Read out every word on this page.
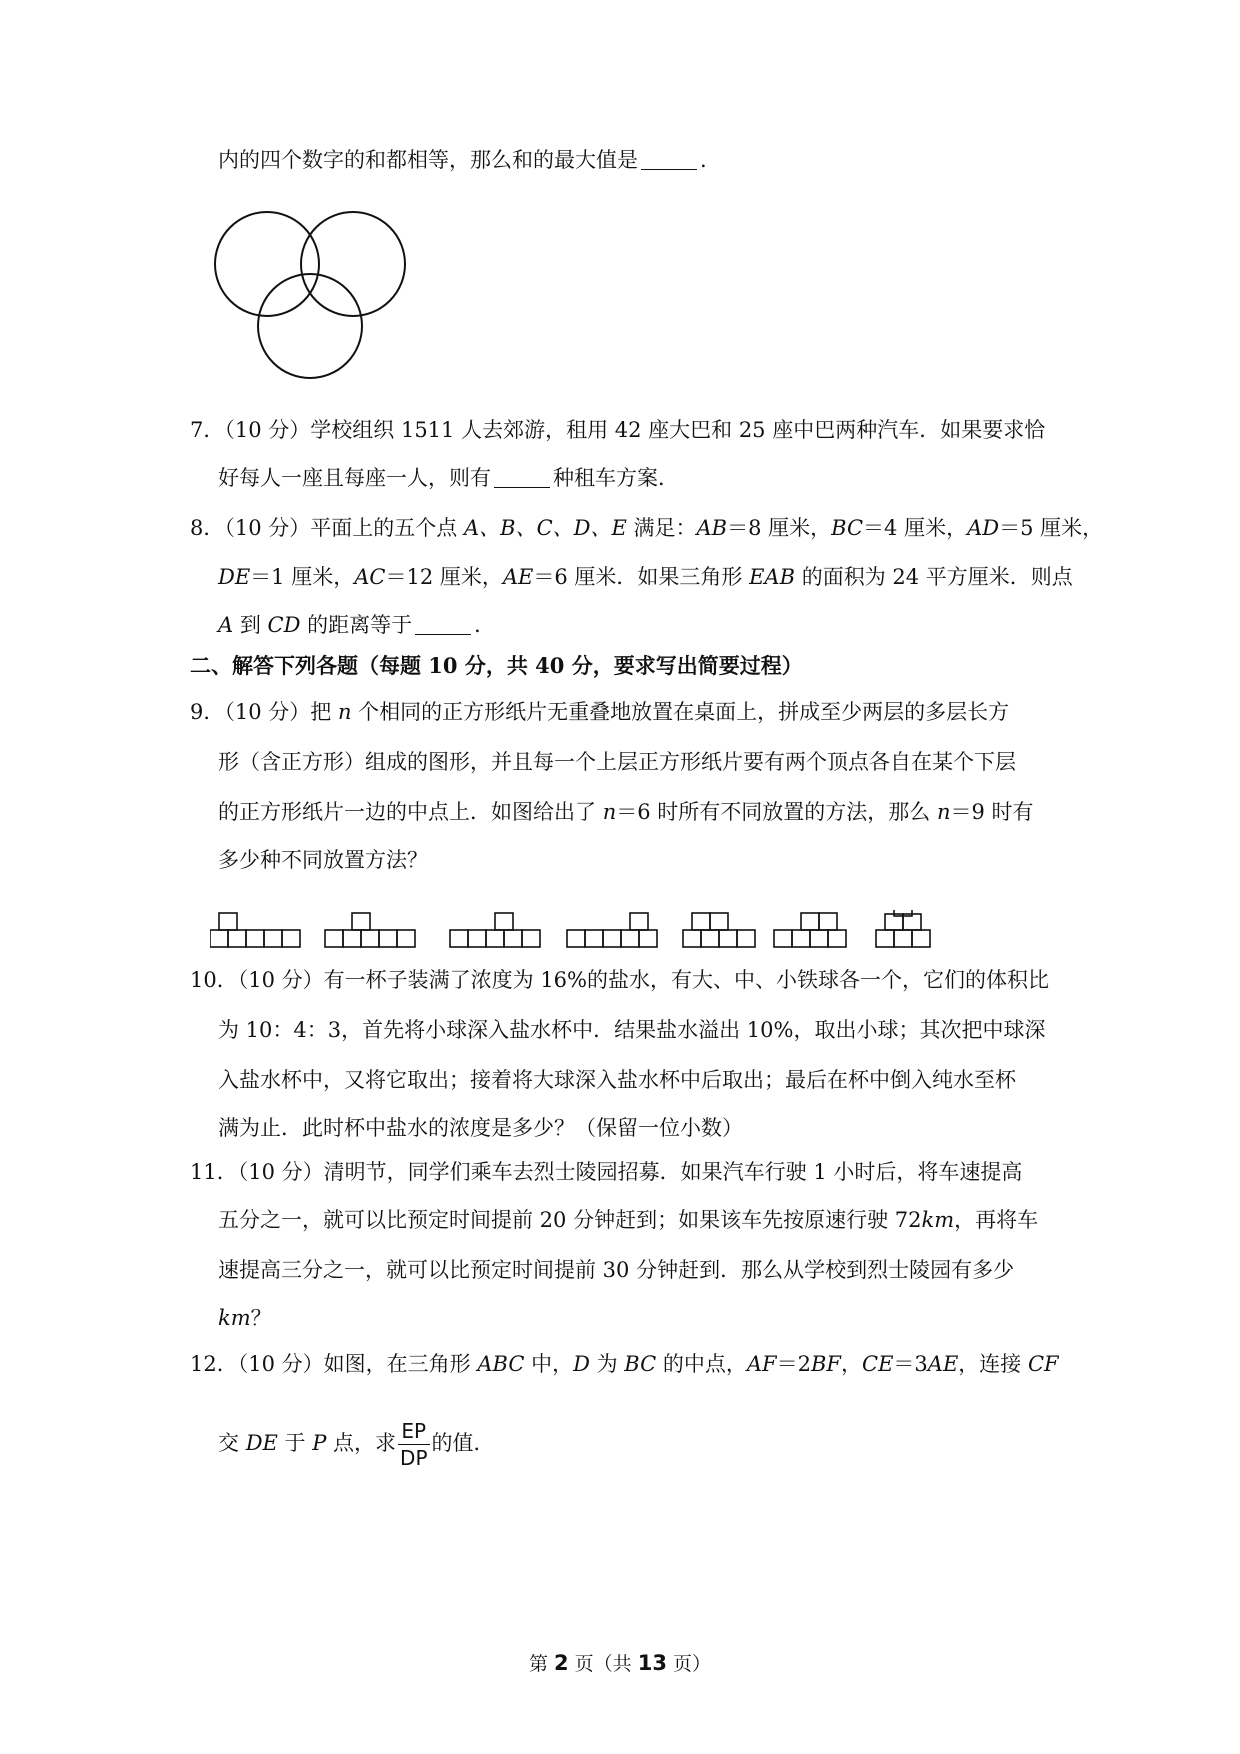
内的四个数字的和都相等，那么和的最大值是	.
7．（10 分）学校组织 1511 人去郊游，租用 42 座大巴和 25 座中巴两种汽车．如果要求恰
好每人一座且每座一人，则有	种租车方案．
8．（10 分）平面上的五个点 A、B、C、D、E 满足：AB＝8 厘米，BC＝4 厘米，AD＝5 厘米，
DE＝1 厘米，AC＝12 厘米，AE＝6 厘米．如果三角形 EAB 的面积为 24 平方厘米．则点
A 到 CD 的距离等于	．
二、解答下列各题（每题 10 分，共 40 分，要求写出简要过程）
9．（10 分）把 n 个相同的正方形纸片无重叠地放置在桌面上，拼成至少两层的多层长方
形（含正方形）组成的图形，并且每一个上层正方形纸片要有两个顶点各自在某个下层
的正方形纸片一边的中点上．如图给出了 n＝6 时所有不同放置的方法，那么 n＝9 时有
多少种不同放置方法？
10．（10 分）有一杯子装满了浓度为 16%的盐水，有大、中、小铁球各一个，它们的体积比
为 10：4：3，首先将小球深入盐水杯中．结果盐水溢出 10%，取出小球；其次把中球深
入盐水杯中，又将它取出；接着将大球深入盐水杯中后取出；最后在杯中倒入纯水至杯
满为止．此时杯中盐水的浓度是多少？（保留一位小数）
11．（10 分）清明节，同学们乘车去烈士陵园招募．如果汽车行驶 1 小时后，将车速提高
五分之一，就可以比预定时间提前 20 分钟赶到；如果该车先按原速行驶 72km，再将车
速提高三分之一，就可以比预定时间提前 30 分钟赶到．那么从学校到烈士陵园有多少
km？
12．（10 分）如图，在三角形 ABC 中，D 为 BC 的中点，AF＝2BF，CE＝3AE，连接 CF
交 DE 于 P 点，求 $\frac{EP}{DP}$ 的值．
第 2 页（共 13 页）
